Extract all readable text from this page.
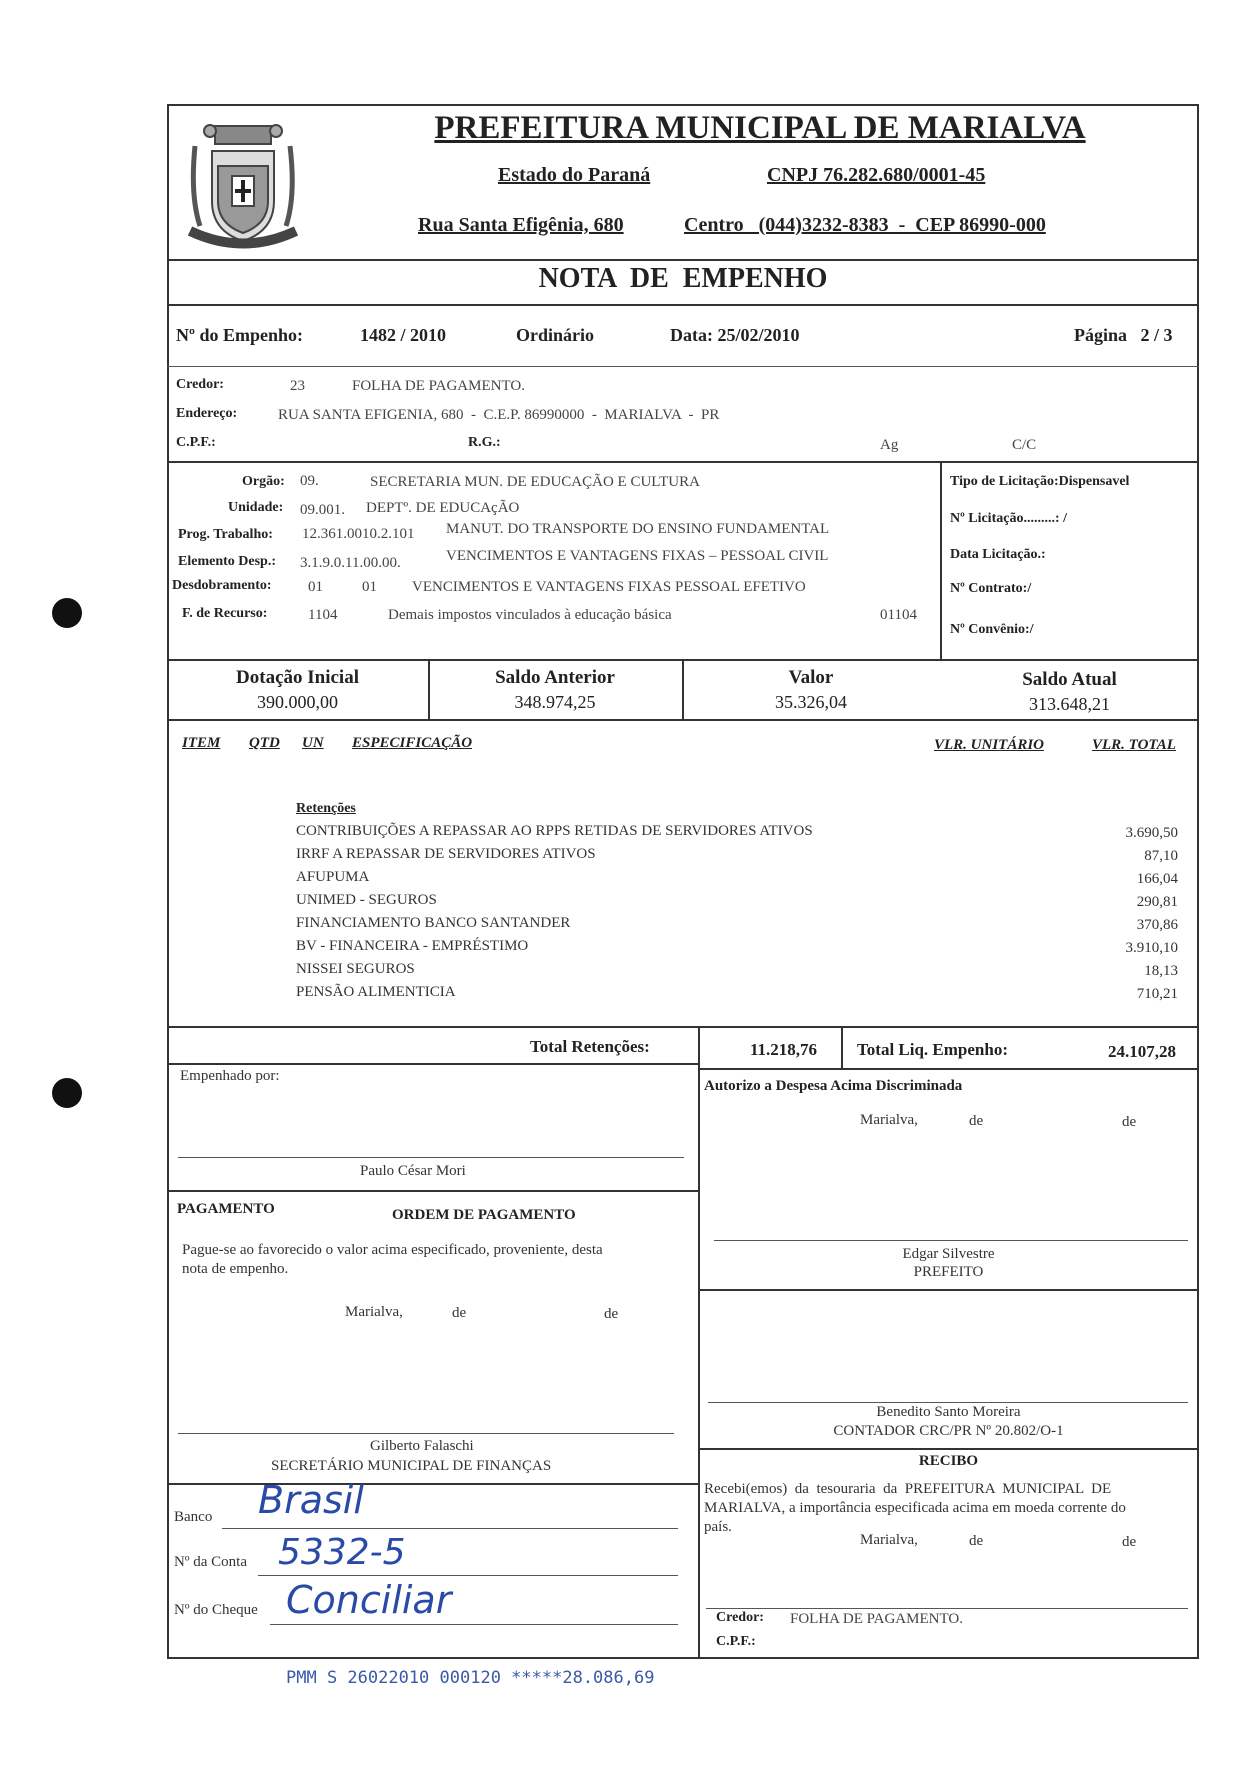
PREFEITURA MUNICIPAL DE MARIALVA
Estado do Paraná	CNPJ 76.282.680/0001-45
Rua Santa Efigênia, 680	Centro   (044)3232-8383  -  CEP 86990-000
NOTA  DE  EMPENHO
Nº do Empenho:	1482 / 2010	Ordinário	Data: 25/02/2010	Página   2 / 3
Credor:	23	FOLHA DE PAGAMENTO.
Endereço:	RUA SANTA EFIGENIA, 680  -  C.E.P. 86990000  -  MARIALVA  -  PR
C.P.F.:	R.G.:	Ag	C/C
Orgão: 09.	SECRETARIA MUN. DE EDUCAÇÃO E CULTURA
Unidade: 09.001. DEPTº. DE EDUCAçÃO
Prog. Trabalho: 12.361.0010.2.101 MANUT. DO TRANSPORTE DO ENSINO FUNDAMENTAL
Elemento Desp.: 3.1.9.0.11.00.00.	VENCIMENTOS E VANTAGENS FIXAS – PESSOAL CIVIL
Desdobramento: 01	01 VENCIMENTOS E VANTAGENS FIXAS PESSOAL EFETIVO
F. de Recurso:	1104	Demais impostos vinculados à educação básica	01104
Tipo de Licitação:Dispensavel
Nº Licitação.........: /
Data Licitação.:
Nº Contrato:/
Nº Convênio:/
Dotação Inicial
390.000,00
Saldo Anterior
348.974,25
Valor
35.326,04
Saldo Atual
313.648,21
ITEM QTD UN ESPECIFICAÇÃO	VLR. UNITÁRIO	VLR. TOTAL
Retenções
CONTRIBUIÇÕES A REPASSAR AO RPPS RETIDAS DE SERVIDORES ATIVOS	3.690,50
IRRF A REPASSAR DE SERVIDORES ATIVOS	87,10
AFUPUMA	166,04
UNIMED - SEGUROS	290,81
FINANCIAMENTO BANCO SANTANDER	370,86
BV - FINANCEIRA - EMPRÉSTIMO	3.910,10
NISSEI SEGUROS	18,13
PENSÃO ALIMENTICIA	710,21
Total Retenções:	11.218,76 Total Liq. Empenho:	24.107,28
Empenhado por:
Paulo César Mori
PAGAMENTO	ORDEM DE PAGAMENTO
Pague-se ao favorecido o valor acima especificado, proveniente, desta
nota de empenho.
Marialva,	de	de
Gilberto Falaschi
SECRETÁRIO MUNICIPAL DE FINANÇAS
Banco Brasil
Nº da Conta 5332-5
Nº do Cheque Conciliar
Autorizo a Despesa Acima Discriminada
Marialva,	de	de
Edgar Silvestre
PREFEITO
Benedito Santo Moreira
CONTADOR CRC/PR Nº 20.802/O-1
RECIBO
Recebi(emos)  da  tesouraria  da  PREFEITURA  MUNICIPAL  DE
MARIALVA, a importância especificada acima em moeda corrente do
país.
Marialva,	de	de
Credor: FOLHA DE PAGAMENTO.
C.P.F.:
PMM S 26022010 000120 *****28.086,69
